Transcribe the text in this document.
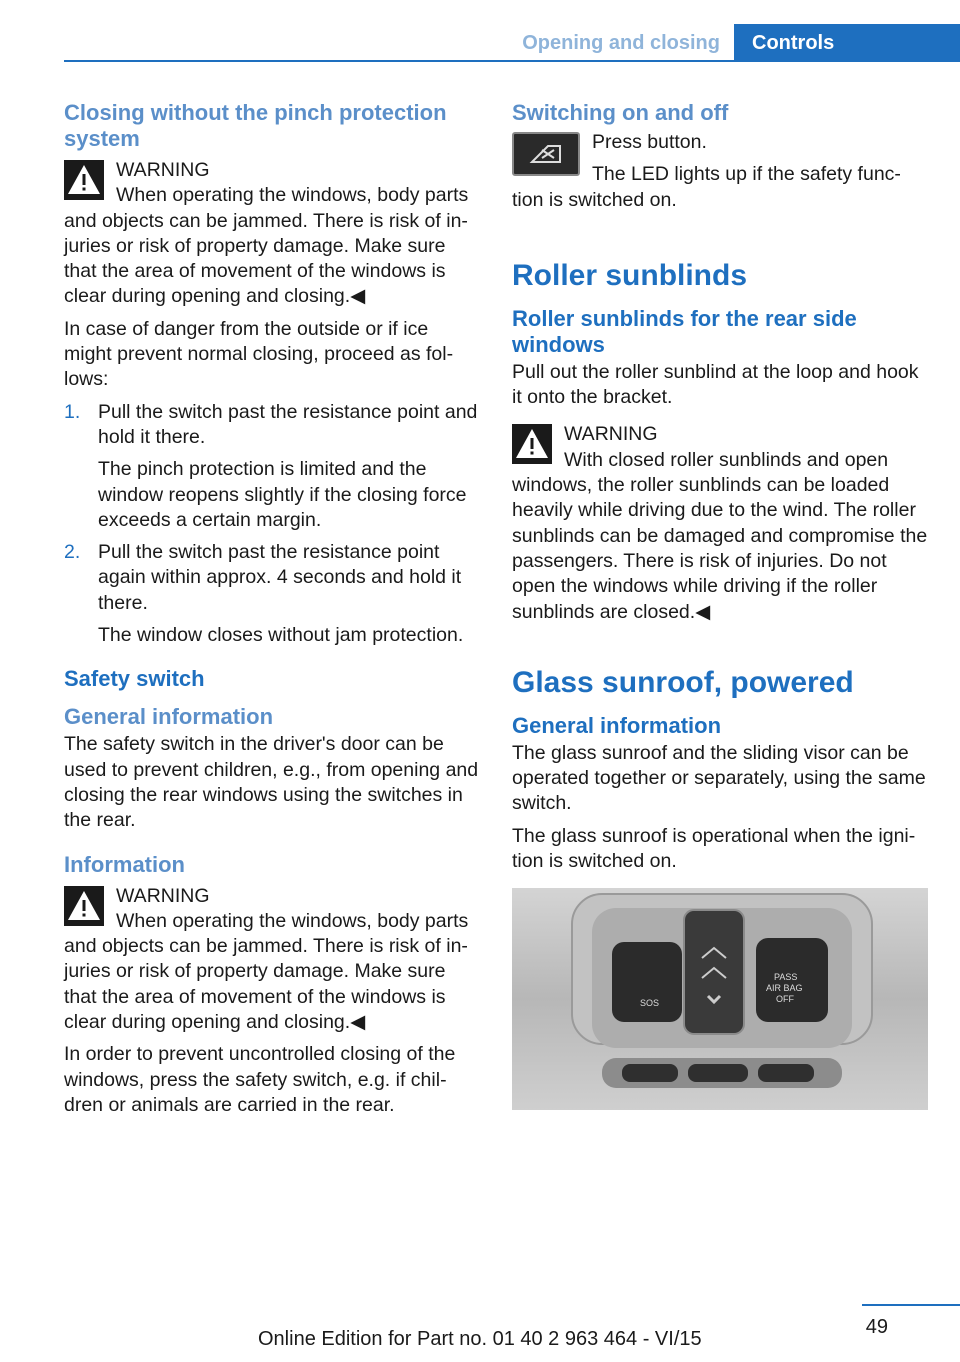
Opening and closing	Controls
Closing without the pinch protection system
WARNING
When operating the windows, body parts and objects can be jammed. There is risk of in- juries or risk of property damage. Make sure that the area of movement of the windows is clear during opening and closing.◀

In case of danger from the outside or if ice might prevent normal closing, proceed as fol- lows:

1. Pull the switch past the resistance point and hold it there.
The pinch protection is limited and the window reopens slightly if the closing force exceeds a certain margin.
2. Pull the switch past the resistance point again within approx. 4 seconds and hold it there.
The window closes without jam protection.
Safety switch
General information

The safety switch in the driver's door can be used to prevent children, e.g., from opening and closing the rear windows using the switches in the rear.

Information
WARNING
When operating the windows, body parts and objects can be jammed. There is risk of in- juries or risk of property damage. Make sure that the area of movement of the windows is clear during opening and closing.◀

In order to prevent uncontrolled closing of the windows, press the safety switch, e.g. if chil- dren or animals are carried in the rear.

Switching on and off

Press button.

The LED lights up if the safety func- tion is switched on.

Roller sunblinds
Roller sunblinds for the rear side windows

Pull out the roller sunblind at the loop and hook it onto the bracket.

WARNING
With closed roller sunblinds and open windows, the roller sunblinds can be loaded heavily while driving due to the wind. The roller sunblinds can be damaged and compromise the passengers. There is risk of injuries. Do not open the windows while driving if the roller sunblinds are closed.◀
Glass sunroof, powered
General information

The glass sunroof and the sliding visor can be operated together or separately, using the same switch.

The glass sunroof is operational when the igni- tion is switched on.

SOS
PASS
AIR BAG
OFF
49
Online Edition for Part no. 01 40 2 963 464 - VI/15
